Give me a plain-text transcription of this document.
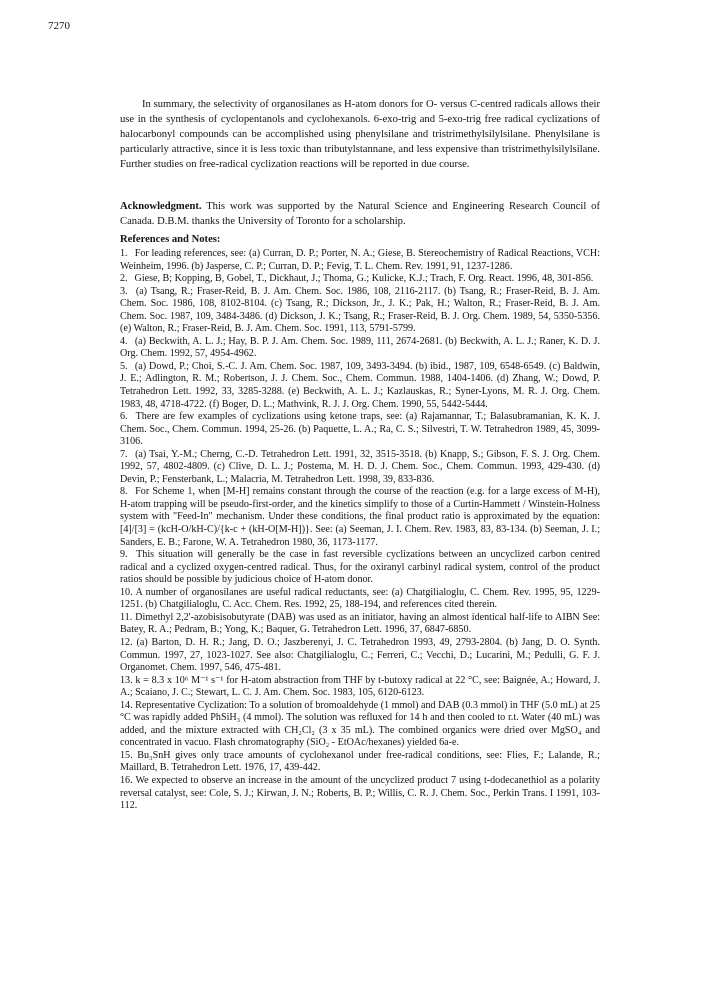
7270

In summary, the selectivity of organosilanes as H-atom donors for O- versus C-centred radicals allows their use in the synthesis of cyclopentanols and cyclohexanols. 6-exo-trig and 5-exo-trig free radical cyclizations of halocarbonyl compounds can be accomplished using phenylsilane and tristrimethylsilylsilane. Phenylsilane is particularly attractive, since it is less toxic than tributylstannane, and less expensive than tristrimethylsilylsilane. Further studies on free-radical cyclization reactions will be reported in due course.

Acknowledgment. This work was supported by the Natural Science and Engineering Research Council of Canada. D.B.M. thanks the University of Toronto for a scholarship.

References and Notes:

1. For leading references, see: (a) Curran, D. P.; Porter, N. A.; Giese, B. Stereochemistry of Radical Reactions, VCH: Weinheim, 1996. (b) Jasperse, C. P.; Curran, D. P.; Fevig, T. L. Chem. Rev. 1991, 91, 1237-1286.

2. Giese, B; Kopping, B, Gobel, T., Dickhaut, J.; Thoma, G.; Kulicke, K.J.; Trach, F. Org. React. 1996, 48, 301-856.

3. (a) Tsang, R.; Fraser-Reid, B. J. Am. Chem. Soc. 1986, 108, 2116-2117. (b) Tsang, R.; Fraser-Reid, B. J. Am. Chem. Soc. 1986, 108, 8102-8104. (c) Tsang, R.; Dickson, Jr., J. K.; Pak, H.; Walton, R.; Fraser-Reid, B. J. Am. Chem. Soc. 1987, 109, 3484-3486. (d) Dickson, J. K.; Tsang, R.; Fraser-Reid, B. J. Org. Chem. 1989, 54, 5350-5356. (e) Walton, R.; Fraser-Reid, B. J. Am. Chem. Soc. 1991, 113, 5791-5799.

4. (a) Beckwith, A. L. J.; Hay, B. P. J. Am. Chem. Soc. 1989, 111, 2674-2681. (b) Beckwith, A. L. J.; Raner, K. D. J. Org. Chem. 1992, 57, 4954-4962.

5. (a) Dowd, P.; Choi, S.-C. J. Am. Chem. Soc. 1987, 109, 3493-3494. (b) ibid., 1987, 109, 6548-6549. (c) Baldwin, J. E.; Adlington, R. M.; Robertson, J. J. Chem. Soc., Chem. Commun. 1988, 1404-1406. (d) Zhang, W.; Dowd, P. Tetrahedron Lett. 1992, 33, 3285-3288. (e) Beckwith, A. L. J.; Kazlauskas, R.; Syner-Lyons, M. R. J. Org. Chem. 1983, 48, 4718-4722. (f) Boger, D. L.; Mathvink, R. J. J. Org. Chem. 1990, 55, 5442-5444.

6. There are few examples of cyclizations using ketone traps, see: (a) Rajamannar, T.; Balasubramanian, K. K. J. Chem. Soc., Chem. Commun. 1994, 25-26. (b) Paquette, L. A.; Ra, C. S.; Silvestri, T. W. Tetrahedron 1989, 45, 3099-3106.

7. (a) Tsai, Y.-M.; Cherng, C.-D. Tetrahedron Lett. 1991, 32, 3515-3518. (b) Knapp, S.; Gibson, F. S. J. Org. Chem. 1992, 57, 4802-4809. (c) Clive, D. L. J.; Postema, M. H. D. J. Chem. Soc., Chem. Commun. 1993, 429-430. (d) Devin, P.; Fensterbank, L.; Malacria, M. Tetrahedron Lett. 1998, 39, 833-836.

8. For Scheme 1, when [M-H] remains constant through the course of the reaction (e.g. for a large excess of M-H), H-atom trapping will be pseudo-first-order, and the kinetics simplify to those of a Curtin-Hammett / Winstein-Holness system with "Feed-In" mechanism. Under these conditions, the final product ratio is approximated by the equation: [4]/[3] = (kcH-O/kH-C)/{k-c + (kH-O[M-H])}. See: (a) Seeman, J. I. Chem. Rev. 1983, 83, 83-134. (b) Seeman, J. I.; Sanders, E. B.; Farone, W. A. Tetrahedron 1980, 36, 1173-1177.

9. This situation will generally be the case in fast reversible cyclizations between an uncyclized carbon centred radical and a cyclized oxygen-centred radical. Thus, for the oxiranyl carbinyl radical system, control of the product ratios should be possible by judicious choice of H-atom donor.

10. A number of organosilanes are useful radical reductants, see: (a) Chatgilialoglu, C. Chem. Rev. 1995, 95, 1229-1251. (b) Chatgilialoglu, C. Acc. Chem. Res. 1992, 25, 188-194, and references cited therein.

11. Dimethyl 2,2'-azobisisobutyrate (DAB) was used as an initiator, having an almost identical half-life to AIBN See: Batey, R. A.; Pedram, B.; Yong, K.; Baquer, G. Tetrahedron Lett. 1996, 37, 6847-6850.

12. (a) Barton, D. H. R.; Jang, D. O.; Jaszberenyi, J. C. Tetrahedron 1993, 49, 2793-2804. (b) Jang, D. O. Synth. Commun. 1997, 27, 1023-1027. See also: Chatgilialoglu, C.; Ferreri, C.; Vecchi, D.; Lucarini, M.; Pedulli, G. F. J. Organomet. Chem. 1997, 546, 475-481.

13. k = 8.3 x 10⁶ M⁻¹ s⁻¹ for H-atom abstraction from THF by t-butoxy radical at 22 °C, see: Baignée, A.; Howard, J. A.; Scaiano, J. C.; Stewart, L. C. J. Am. Chem. Soc. 1983, 105, 6120-6123.

14. Representative Cyclization: To a solution of bromoaldehyde (1 mmol) and DAB (0.3 mmol) in THF (5.0 mL) at 25 °C was rapidly added PhSiH₃ (4 mmol). The solution was refluxed for 14 h and then cooled to r.t. Water (40 mL) was added, and the mixture extracted with CH₂Cl₂ (3 x 35 mL). The combined organics were dried over MgSO₄ and concentrated in vacuo. Flash chromatography (SiO₂ - EtOAc/hexanes) yielded 6a-e.

15. Bu₃SnH gives only trace amounts of cyclohexanol under free-radical conditions, see: Flies, F.; Lalande, R.; Maillard, B. Tetrahedron Lett. 1976, 17, 439-442.

16. We expected to observe an increase in the amount of the uncyclized product 7 using t-dodecanethiol as a polarity reversal catalyst, see: Cole, S. J.; Kirwan, J. N.; Roberts, B. P.; Willis, C. R. J. Chem. Soc., Perkin Trans. I 1991, 103-112.
